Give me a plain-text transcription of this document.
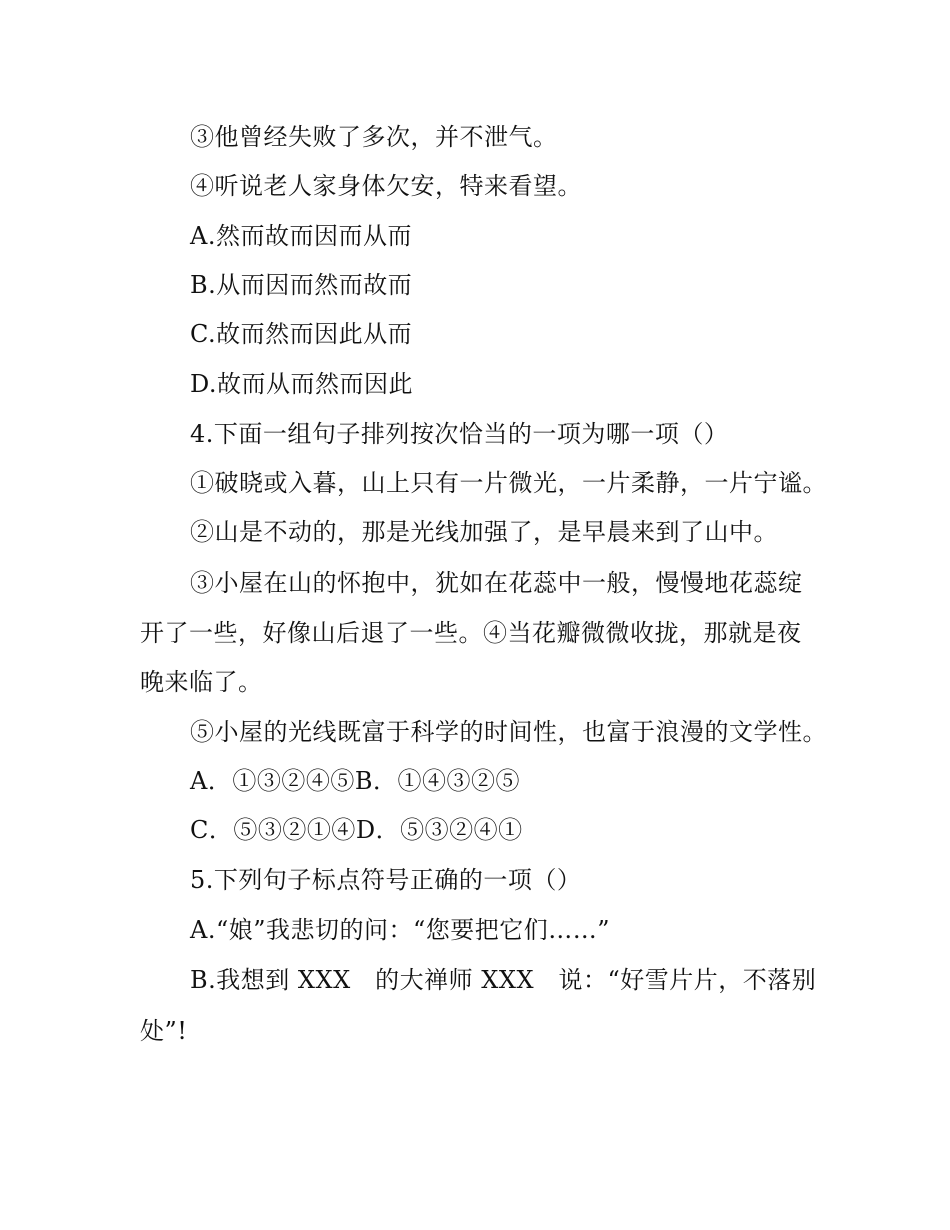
③他曾经失败了多次，并不泄气。
④听说老人家身体欠安，特来看望。
A.然而故而因而从而
B.从而因而然而故而
C.故而然而因此从而
D.故而从而然而因此
4.下面一组句子排列按次恰当的一项为哪一项（）
①破晓或入暮，山上只有一片微光，一片柔静，一片宁谧。
②山是不动的，那是光线加强了，是早晨来到了山中。
③小屋在山的怀抱中，犹如在花蕊中一般，慢慢地花蕊绽
开了一些，好像山后退了一些。④当花瓣微微收拢，那就是夜
晚来临了。
⑤小屋的光线既富于科学的时间性，也富于浪漫的文学性。
A．①③②④⑤B．①④③②⑤
C．⑤③②①④D．⑤③②④①
5.下列句子标点符号正确的一项（）
A.“娘”我悲切的问：“您要把它们……”
B.我想到 XXX　的大禅师 XXX　说：“好雪片片，不落别
处”!
